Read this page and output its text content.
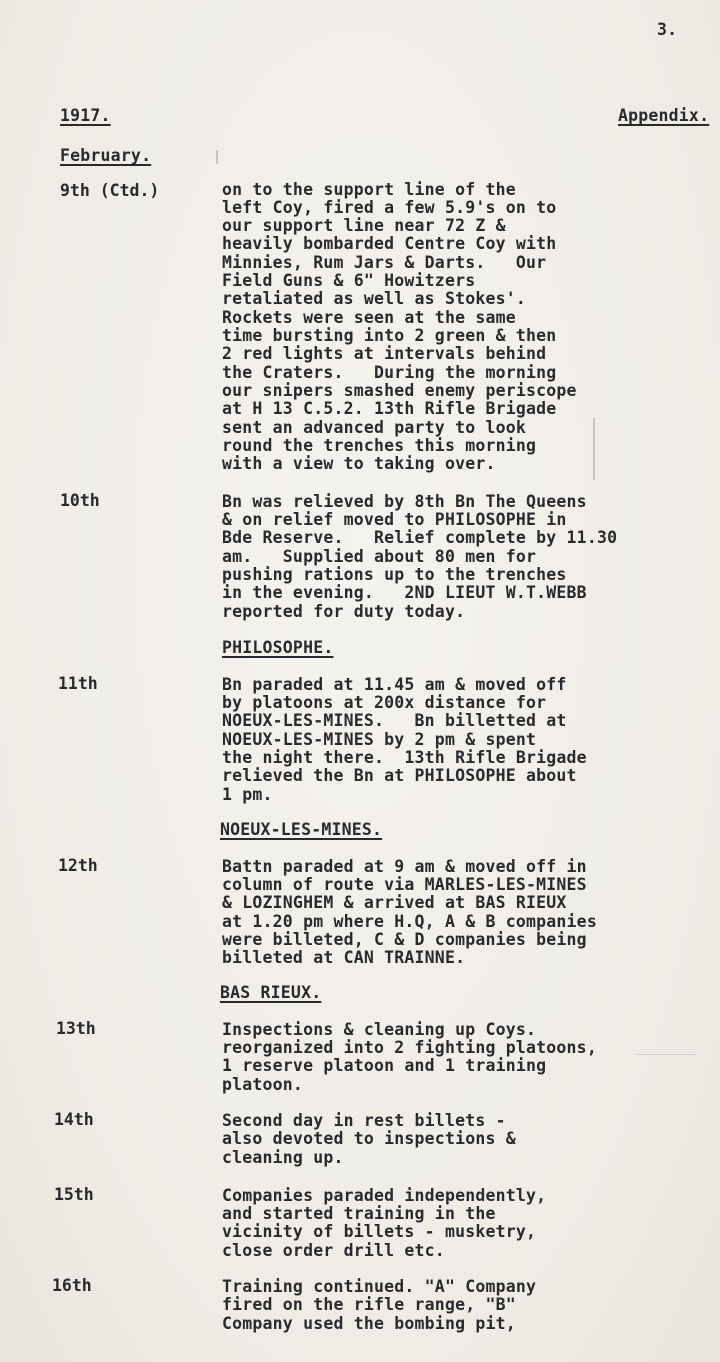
3.
1917.	Appendix.
February.
9th (Ctd.)	on to the support line of the
left Coy, fired a few 5.9's on to
our support line near 72 Z &
heavily bombarded Centre Coy with
Minnies, Rum Jars & Darts.   Our
Field Guns & 6" Howitzers
retaliated as well as Stokes'.
Rockets were seen at the same
time bursting into 2 green & then
2 red lights at intervals behind
the Craters.   During the morning
our snipers smashed enemy periscope
at H 13 C.5.2. 13th Rifle Brigade
sent an advanced party to look
round the trenches this morning
with a view to taking over.
10th	Bn was relieved by 8th Bn The Queens
& on relief moved to PHILOSOPHE in
Bde Reserve.   Relief complete by 11.30
am.   Supplied about 80 men for
pushing rations up to the trenches
in the evening.   2ND LIEUT W.T.WEBB
reported for duty today.
PHILOSOPHE.
11th	Bn paraded at 11.45 am & moved off
by platoons at 200x distance for
NOEUX-LES-MINES.   Bn billetted at
NOEUX-LES-MINES by 2 pm & spent
the night there.  13th Rifle Brigade
relieved the Bn at PHILOSOPHE about
1 pm.
NOEUX-LES-MINES.
12th	Battn paraded at 9 am & moved off in
column of route via MARLES-LES-MINES
& LOZINGHEM & arrived at BAS RIEUX
at 1.20 pm where H.Q, A & B companies
were billeted, C & D companies being
billeted at CAN TRAINNE.
BAS RIEUX.
13th	Inspections & cleaning up Coys.
reorganized into 2 fighting platoons,
1 reserve platoon and 1 training
platoon.
14th	Second day in rest billets -
also devoted to inspections &
cleaning up.
15th	Companies paraded independently,
and started training in the
vicinity of billets - musketry,
close order drill etc.
16th	Training continued. "A" Company
fired on the rifle range, "B"
Company used the bombing pit,
